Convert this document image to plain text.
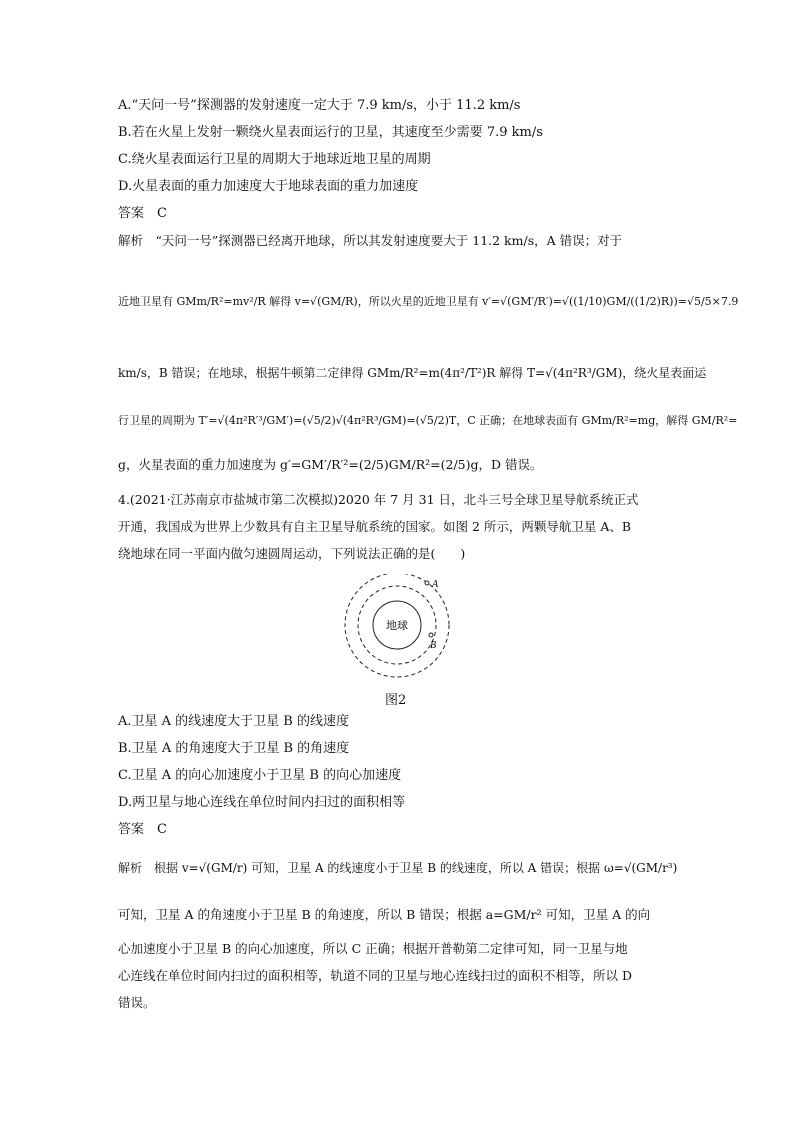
A.“天问一号”探测器的发射速度一定大于 7.9 km/s，小于 11.2 km/s
B.若在火星上发射一颗绕火星表面运行的卫星，其速度至少需要 7.9 km/s
C.绕火星表面运行卫星的周期大于地球近地卫星的周期
D.火星表面的重力加速度大于地球表面的重力加速度
答案　C
解析　“天问一号”探测器已经离开地球，所以其发射速度要大于 11.2 km/s，A 错误；对于
近地卫星有 GMm/R²=mv²/R 解得 v=√(GM/R)，所以火星的近地卫星有 v′=√(GM′/R′)=√((1/10)GM/((1/2)R))=√5/5×7.9
km/s，B 错误；在地球，根据牛顿第二定律得 GMm/R²=m(4π²/T²)R 解得 T=√(4π²R³/GM)，绕火星表面运
行卫星的周期为 T′=√(4π²R′³/GM′)=(√5/2)√(4π²R³/GM)=(√5/2)T，C 正确；在地球表面有 GMm/R²=mg，解得 GM/R²=
g，火星表面的重力加速度为 g′=GM′/R′²=(2/5)GM/R²=(2/5)g，D 错误。
4.(2021·江苏南京市盐城市第二次模拟)2020 年 7 月 31 日，北斗三号全球卫星导航系统正式
开通，我国成为世界上少数具有自主卫星导航系统的国家。如图 2 所示，两颗导航卫星 A、B
绕地球在同一平面内做匀速圆周运动，下列说法正确的是(　　)
地球
A
B
图2
A.卫星 A 的线速度大于卫星 B 的线速度
B.卫星 A 的角速度大于卫星 B 的角速度
C.卫星 A 的向心加速度小于卫星 B 的向心加速度
D.两卫星与地心连线在单位时间内扫过的面积相等
答案　C
解析　根据 v=√(GM/r) 可知，卫星 A 的线速度小于卫星 B 的线速度，所以 A 错误；根据 ω=√(GM/r³)
可知，卫星 A 的角速度小于卫星 B 的角速度，所以 B 错误；根据 a=GM/r² 可知，卫星 A 的向
心加速度小于卫星 B 的向心加速度，所以 C 正确；根据开普勒第二定律可知，同一卫星与地
心连线在单位时间内扫过的面积相等，轨道不同的卫星与地心连线扫过的面积不相等，所以 D
错误。
